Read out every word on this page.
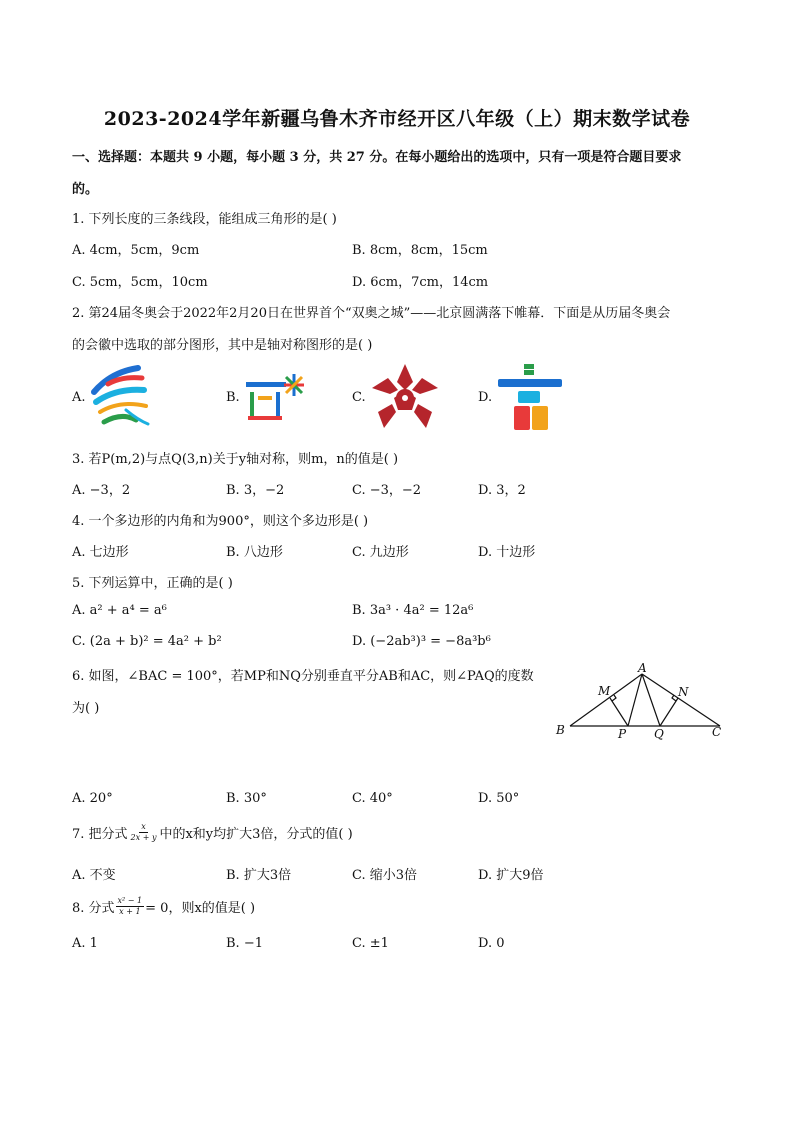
2023-2024学年新疆乌鲁木齐市经开区八年级（上）期末数学试卷
一、选择题：本题共 9 小题，每小题 3 分，共 27 分。在每小题给出的选项中，只有一项是符合题目要求
的。
1. 下列长度的三条线段，能组成三角形的是( )
A. 4cm，5cm，9cm	B. 8cm，8cm，15cm
C. 5cm，5cm，10cm	D. 6cm，7cm，14cm
2. 第24届冬奥会于2022年2月20日在世界首个“双奥之城”——北京圆满落下帷幕．下面是从历届冬奥会
的会徽中选取的部分图形，其中是轴对称图形的是( )
A.	B.	C.	D.
3. 若P(m,2)与点Q(3,n)关于y轴对称，则m，n的值是( )
A. −3，2	B. 3，−2	C. −3，−2	D. 3，2
4. 一个多边形的内角和为900°，则这个多边形是( )
A. 七边形	B. 八边形	C. 九边形	D. 十边形
5. 下列运算中，正确的是( )
A. a² + a⁴ = a⁶	B. 3a³ · 4a² = 12a⁶
C. (2a + b)² = 4a² + b²	D. (−2ab³)³ = −8a³b⁶
6. 如图，∠BAC = 100°，若MP和NQ分别垂直平分AB和AC，则∠PAQ的度数
为( )
A
B	C
M	N
P Q
A. 20°	B. 30°	C. 40°	D. 50°
7. 把分式 $\frac{x}{2x + y}$ 中的x和y均扩大3倍，分式的值( )
A. 不变	B. 扩大3倍	C. 缩小3倍	D. 扩大9倍
8. 分式 $\frac{\text{x² − 1}}{x + 1} = 0$，则x的值是( )
A. 1	B. −1	C. ±1	D. 0
